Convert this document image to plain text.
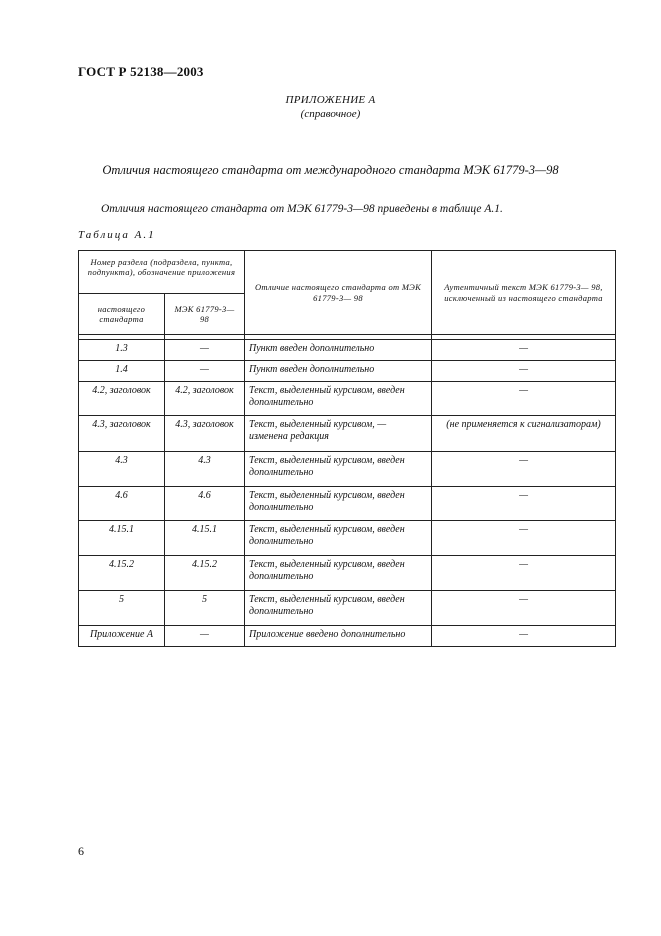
ГОСТ Р 52138—2003
ПРИЛОЖЕНИЕ А
(справочное)
Отличия настоящего стандарта от международного стандарта МЭК 61779-3—98
Отличия настоящего стандарта от МЭК 61779-3—98 приведены в таблице А.1.
Таблица А.1
Номер раздела (подраздела, пункта, подпункта), обозначение приложения		Отличие настоящего стандарта от МЭК 61779-3— 98	Аутентичный текст МЭК 61779-3— 98, исключенный из настоящего стандарта
настоящего стандарта	МЭК 61779-3— 98		

1.3	—	Пункт введен дополнительно	—
1.4	—	Пункт введен дополнительно	—
4.2, заголовок	4.2, заголовок	Текст, выделенный курсивом, введен дополнительно	—
4.3, заголовок	4.3, заголовок	Текст, выделенный курсивом, — изменена редакция	(не применяется к сигнализаторам)
4.3	4.3	Текст, выделенный курсивом, введен дополнительно	—
4.6	4.6	Текст, выделенный курсивом, введен дополнительно	—
4.15.1	4.15.1	Текст, выделенный курсивом, введен дополнительно	—
4.15.2	4.15.2	Текст, выделенный курсивом, введен дополнительно	—
5	5	Текст, выделенный курсивом, введен дополнительно	—
Приложение А	—	Приложение введено дополнительно	—
6
